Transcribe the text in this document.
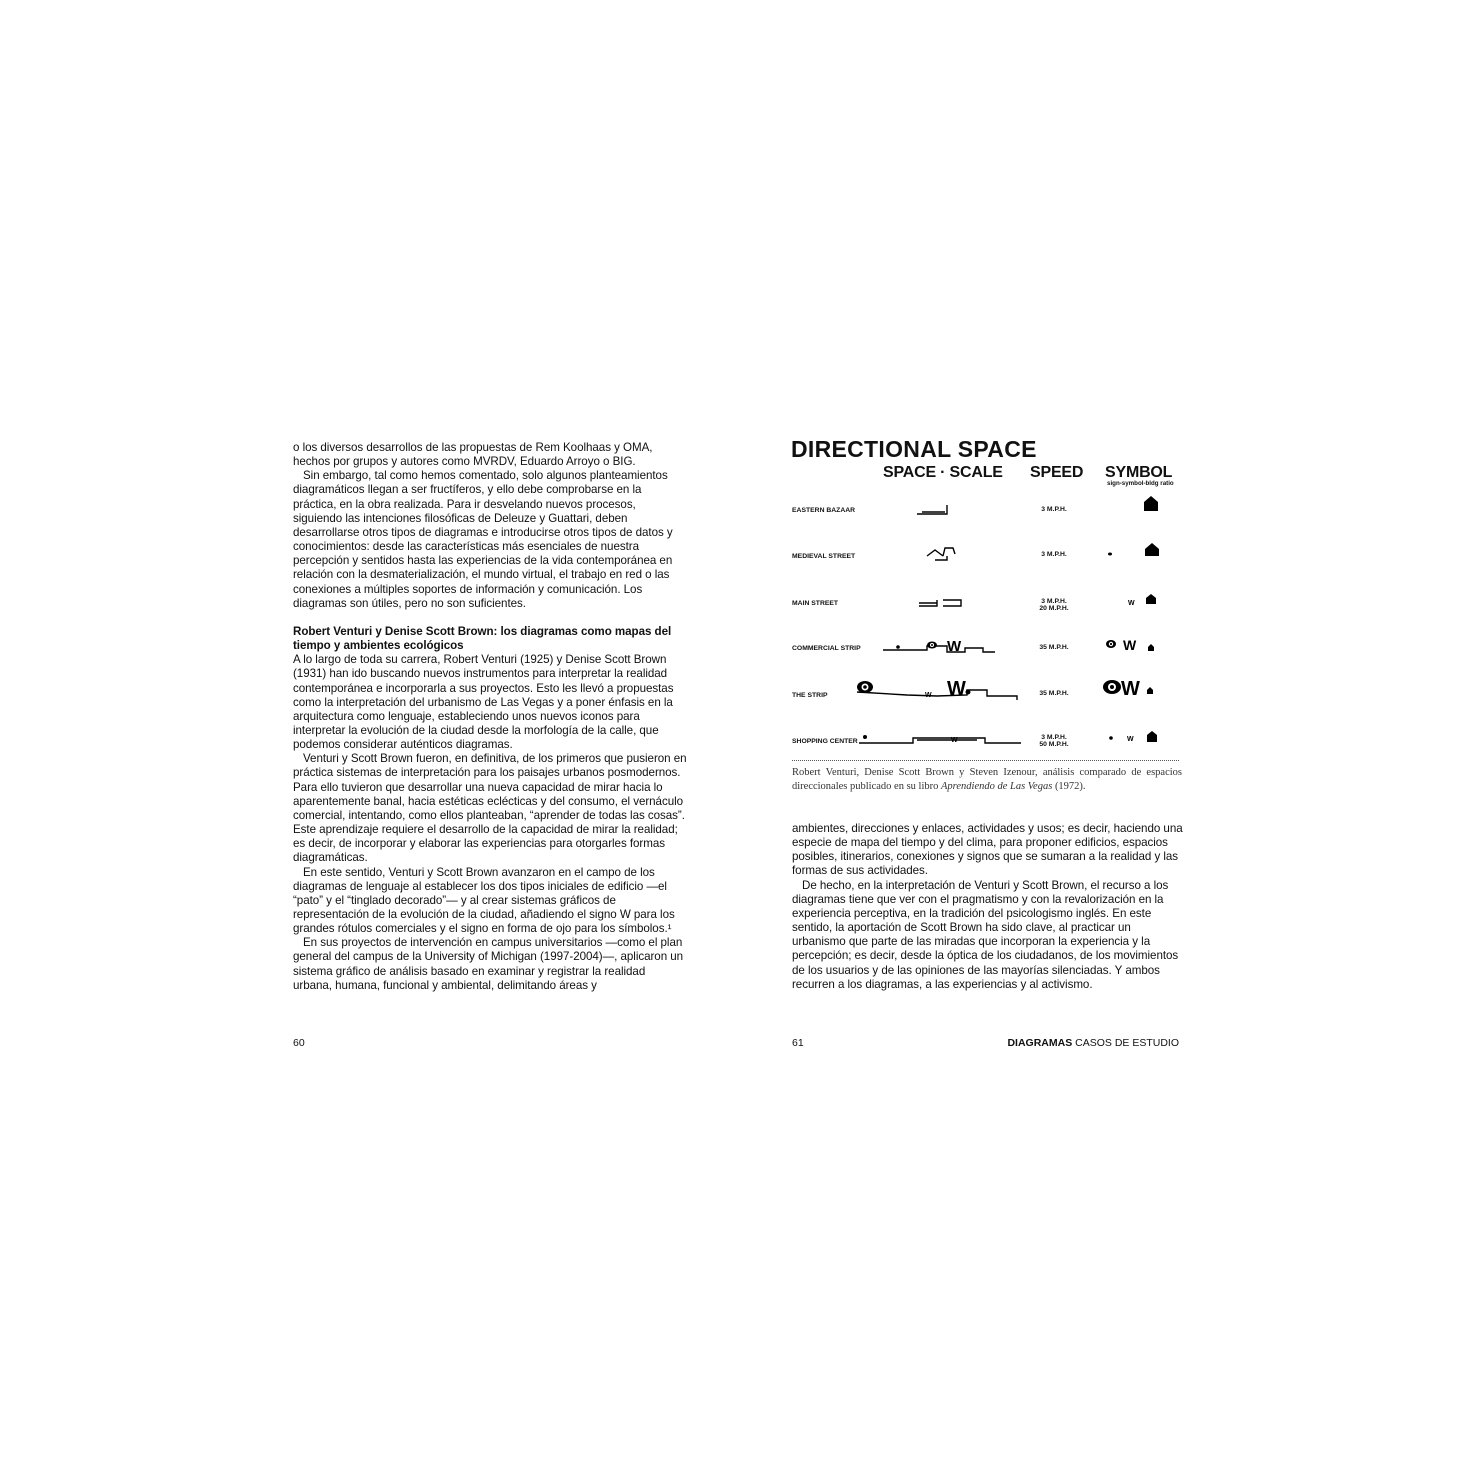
o los diversos desarrollos de las propuestas de Rem Koolhaas y OMA, hechos por grupos y autores como MVRDV, Eduardo Arroyo o BIG.

Sin embargo, tal como hemos comentado, solo algunos planteamientos diagramáticos llegan a ser fructíferos, y ello debe comprobarse en la práctica, en la obra realizada. Para ir desvelando nuevos procesos, siguiendo las intenciones filosóficas de Deleuze y Guattari, deben desarrollarse otros tipos de diagramas e introducirse otros tipos de datos y conocimientos: desde las características más esenciales de nuestra percepción y sentidos hasta las experiencias de la vida contemporánea en relación con la desmaterialización, el mundo virtual, el trabajo en red o las conexiones a múltiples soportes de información y comunicación. Los diagramas son útiles, pero no son suficientes.

Robert Venturi y Denise Scott Brown: los diagramas como mapas del tiempo y ambientes ecológicos

A lo largo de toda su carrera, Robert Venturi (1925) y Denise Scott Brown (1931) han ido buscando nuevos instrumentos para interpretar la realidad contemporánea e incorporarla a sus proyectos. Esto les llevó a propuestas como la interpretación del urbanismo de Las Vegas y a poner énfasis en la arquitectura como lenguaje, estableciendo unos nuevos iconos para interpretar la evolución de la ciudad desde la morfología de la calle, que podemos considerar auténticos diagramas.

Venturi y Scott Brown fueron, en definitiva, de los primeros que pusieron en práctica sistemas de interpretación para los paisajes urbanos posmodernos. Para ello tuvieron que desarrollar una nueva capacidad de mirar hacia lo aparentemente banal, hacia estéticas eclécticas y del consumo, el vernáculo comercial, intentando, como ellos planteaban, “aprender de todas las cosas”. Este aprendizaje requiere el desarrollo de la capacidad de mirar la realidad; es decir, de incorporar y elaborar las experiencias para otorgarles formas diagramáticas.

En este sentido, Venturi y Scott Brown avanzaron en el campo de los diagramas de lenguaje al establecer los dos tipos iniciales de edificio —el “pato” y el “tinglado decorado”— y al crear sistemas gráficos de representación de la evolución de la ciudad, añadiendo el signo W para los grandes rótulos comerciales y el signo en forma de ojo para los símbolos.¹

En sus proyectos de intervención en campus universitarios —como el plan general del campus de la University of Michigan (1997-2004)—, aplicaron un sistema gráfico de análisis basado en examinar y registrar la realidad urbana, humana, funcional y ambiental, delimitando áreas y

60
DIRECTIONAL SPACE
SPACE · SCALE SPEED SYMBOL
sign-symbol-bldg ratio
EASTERN BAZAAR
MEDIEVAL STREET
MAIN STREET
COMMERCIAL STRIP
THE STRIP
SHOPPING CENTER
3 M.P.H.
3 M.P.H.
3 M.P.H.
20 M.P.H.
35 M.P.H.
35 M.P.H.
3 M.P.H.
50 M.P.H.
W
W W
W
W
W
W
W
Robert Venturi, Denise Scott Brown y Steven Izenour, análisis comparado de espacios direccionales publicado en su libro Aprendiendo de Las Vegas (1972).

ambientes, direcciones y enlaces, actividades y usos; es decir, haciendo una especie de mapa del tiempo y del clima, para proponer edificios, espacios posibles, itinerarios, conexiones y signos que se sumaran a la realidad y las formas de sus actividades.

De hecho, en la interpretación de Venturi y Scott Brown, el recurso a los diagramas tiene que ver con el pragmatismo y con la revalorización en la experiencia perceptiva, en la tradición del psicologismo inglés. En este sentido, la aportación de Scott Brown ha sido clave, al practicar un urbanismo que parte de las miradas que incorporan la experiencia y la percepción; es decir, desde la óptica de los ciudadanos, de los movimientos de los usuarios y de las opiniones de las mayorías silenciadas. Y ambos recurren a los diagramas, a las experiencias y al activismo.

61	DIAGRAMAS CASOS DE ESTUDIO
